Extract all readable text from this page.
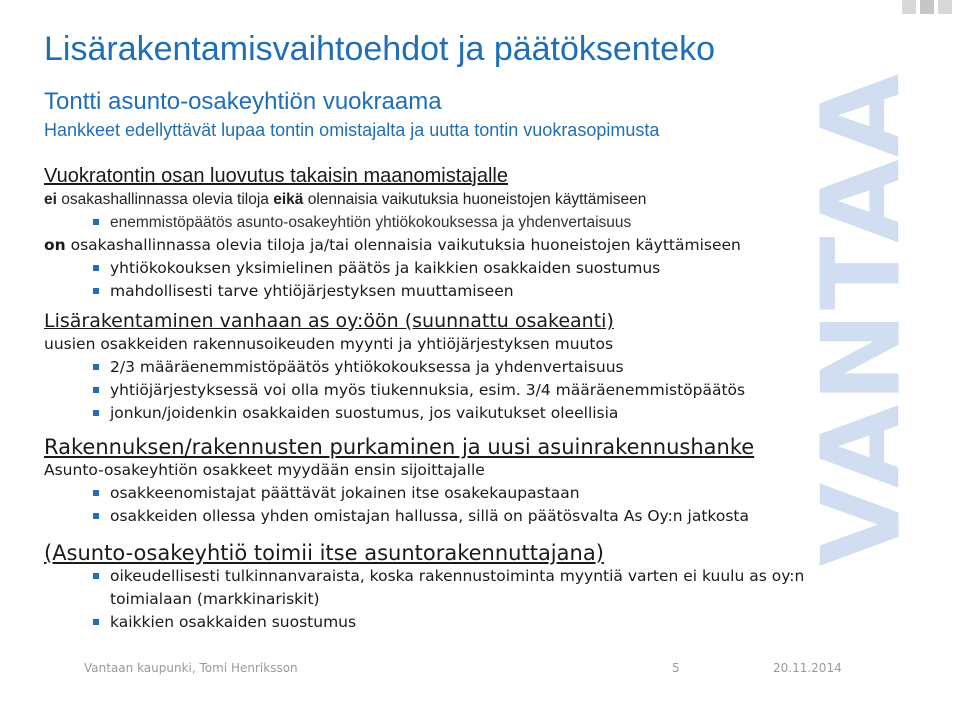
VANTAA
Lisärakentamisvaihtoehdot ja päätöksenteko

Tontti asunto-osakeyhtiön vuokraama

Hankkeet edellyttävät lupaa tontin omistajalta ja uutta tontin vuokrasopimusta

Vuokratontin osan luovutus takaisin maanomistajalle

ei osakashallinnassa olevia tiloja eikä olennaisia vaikutuksia huoneistojen käyttämiseen

enemmistöpäätös asunto-osakeyhtiön yhtiökokouksessa ja yhdenvertaisuus

on osakashallinnassa olevia tiloja ja/tai olennaisia vaikutuksia huoneistojen käyttämiseen

yhtiökokouksen yksimielinen päätös ja kaikkien osakkaiden suostumus
mahdollisesti tarve yhtiöjärjestyksen muuttamiseen

Lisärakentaminen vanhaan as oy:öön (suunnattu osakeanti)

uusien osakkeiden rakennusoikeuden myynti ja yhtiöjärjestyksen muutos

2/3 määräenemmistöpäätös yhtiökokouksessa ja yhdenvertaisuus
yhtiöjärjestyksessä voi olla myös tiukennuksia, esim. 3/4 määräenemmistöpäätös
jonkun/joidenkin osakkaiden suostumus, jos vaikutukset oleellisia

Rakennuksen/rakennusten purkaminen ja uusi asuinrakennushanke

Asunto-osakeyhtiön osakkeet myydään ensin sijoittajalle

osakkeenomistajat päättävät jokainen itse osakekaupastaan
osakkeiden ollessa yhden omistajan hallussa, sillä on päätösvalta As Oy:n jatkosta

(Asunto-osakeyhtiö toimii itse asuntorakennuttajana)

oikeudellisesti tulkinnanvaraista, koska rakennustoiminta myyntiä varten ei kuulu as oy:n toimialaan (markkinariskit)
kaikkien osakkaiden suostumus
Vantaan kaupunki, Tomi Henriksson	5	20.11.2014
